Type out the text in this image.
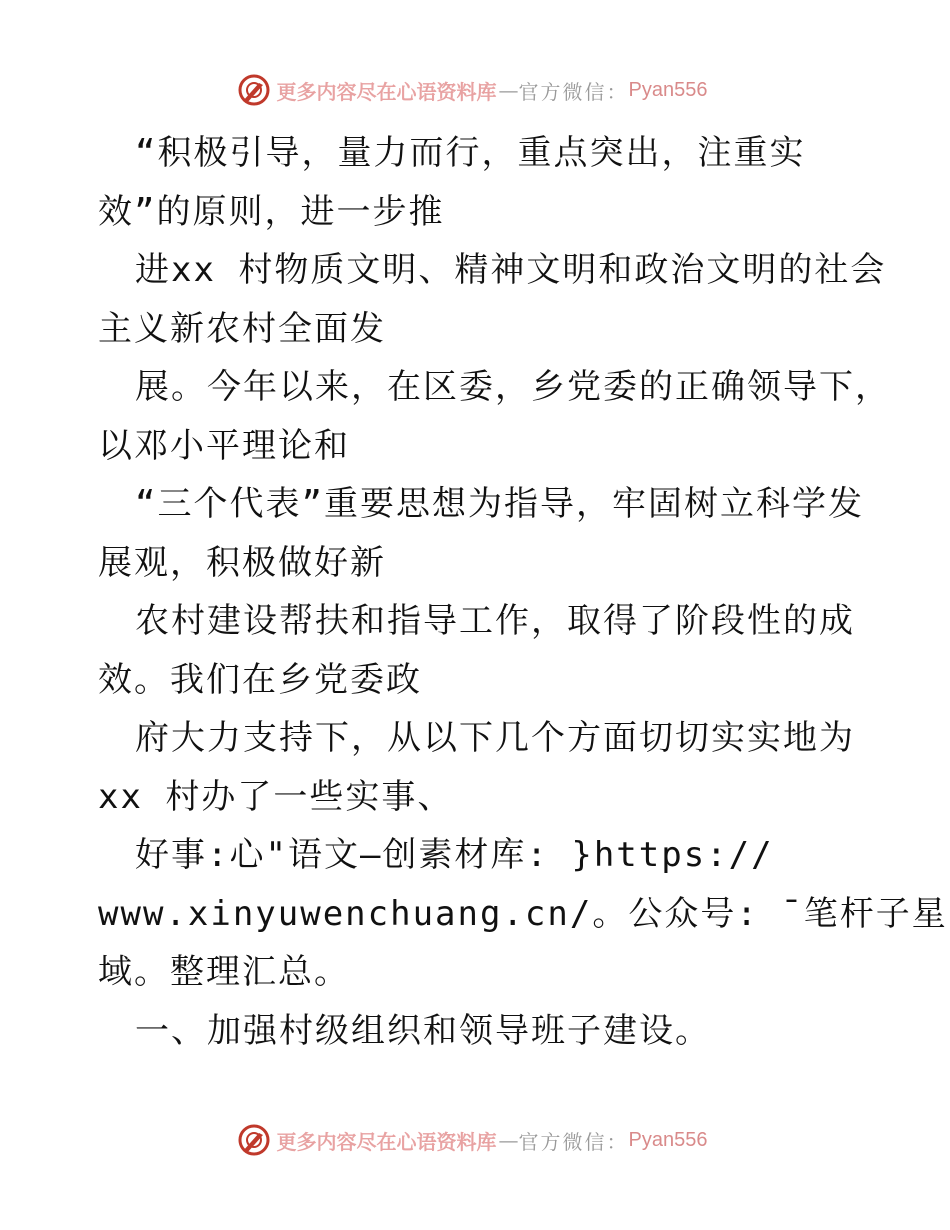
更多内容尽在心语资料库 — 官方微信： Pyan556
“积极引导，量力而行，重点突出，注重实
效”的原则，进一步推
进xx 村物质文明、精神文明和政治文明的社会
主义新农村全面发
展。今年以来，在区委，乡党委的正确领导下，
以邓小平理论和
“三个代表”重要思想为指导，牢固树立科学发
展观，积极做好新
农村建设帮扶和指导工作，取得了阶段性的成
效。我们在乡党委政
府大力支持下，从以下几个方面切切实实地为
xx 村办了一些实事、
好事:心"语文—创素材库: }https://
www.xinyuwenchuang.cn/。公众号: ¯笔杆子星
域。整理汇总。
一、加强村级组织和领导班子建设。
更多内容尽在心语资料库 — 官方微信： Pyan556
